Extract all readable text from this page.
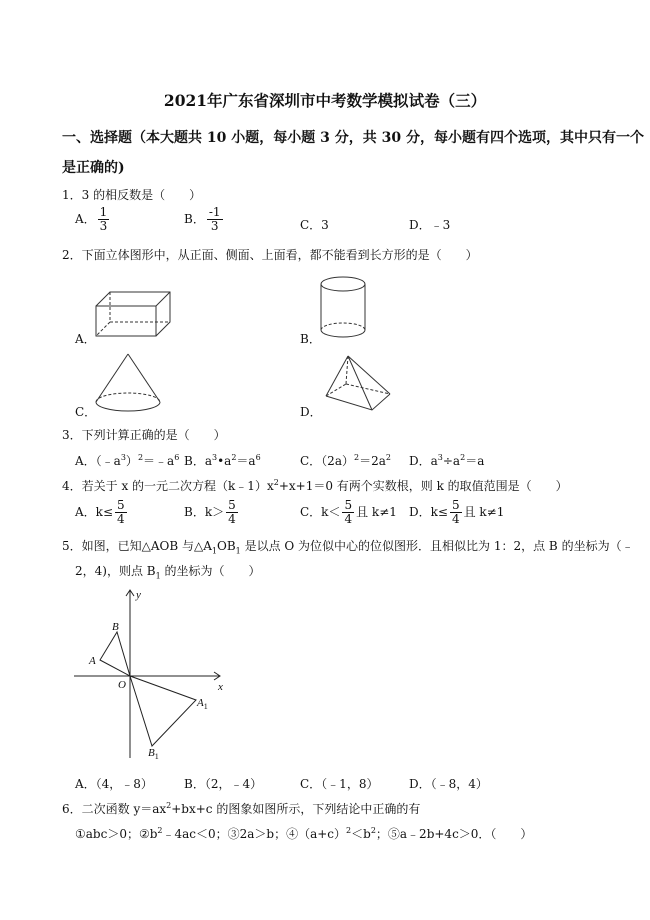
2021年广东省深圳市中考数学模拟试卷（三）
一、选择题（本大题共 10 小题，每小题 3 分，共 30 分，每小题有四个选项，其中只有一个
是正确的)
1．3 的相反数是（　　）
A． $\frac{1}{3}$	B． $\frac{-1}{3}$	C．3	D．﹣3
2．下面立体图形中，从正面、侧面、上面看，都不能看到长方形的是（　　）
A．	B．
C．	D．
3．下列计算正确的是（　　）
A．$(﹣a^3)^2=﹣a^6$ B．$a^3•a^2=a^6$	C．$(2a)^2=2a^2$ D．$a^3\div a^2=a$
4．若关于 x 的一元二次方程$(k﹣1)x^2+x+1=0$ 有两个实数根，则 k 的取值范围是（　　）
A．$k\le \frac{5}{4}$	B．$k> \frac{5}{4}$	C．$k< \frac{5}{4}$ 且 k≠1 D．$k\le \frac{5}{4}$ 且 k≠1
5．如图，已知△AOB 与$\triangle A_1OB_1$ 是以点 O 为位似中心的位似图形．且相似比为 1：2，点 B 的坐标为（﹣
2，4)，则点 $B_1$ 的坐标为（　　）
y
x
O
A
B
$A_1$
$B_1$
A．（4，﹣8）	B．（2，﹣4）	C．（﹣1，8）	D．（﹣8，4）
6．二次函数 $y=ax^2+bx+c$ 的图象如图所示，下列结论中正确的有
①abc＞0；$②b^2﹣4ac<0$；③2a＞b；$④(a+c)^2<b^2$；⑤a﹣2b+4c＞0．（　　）
